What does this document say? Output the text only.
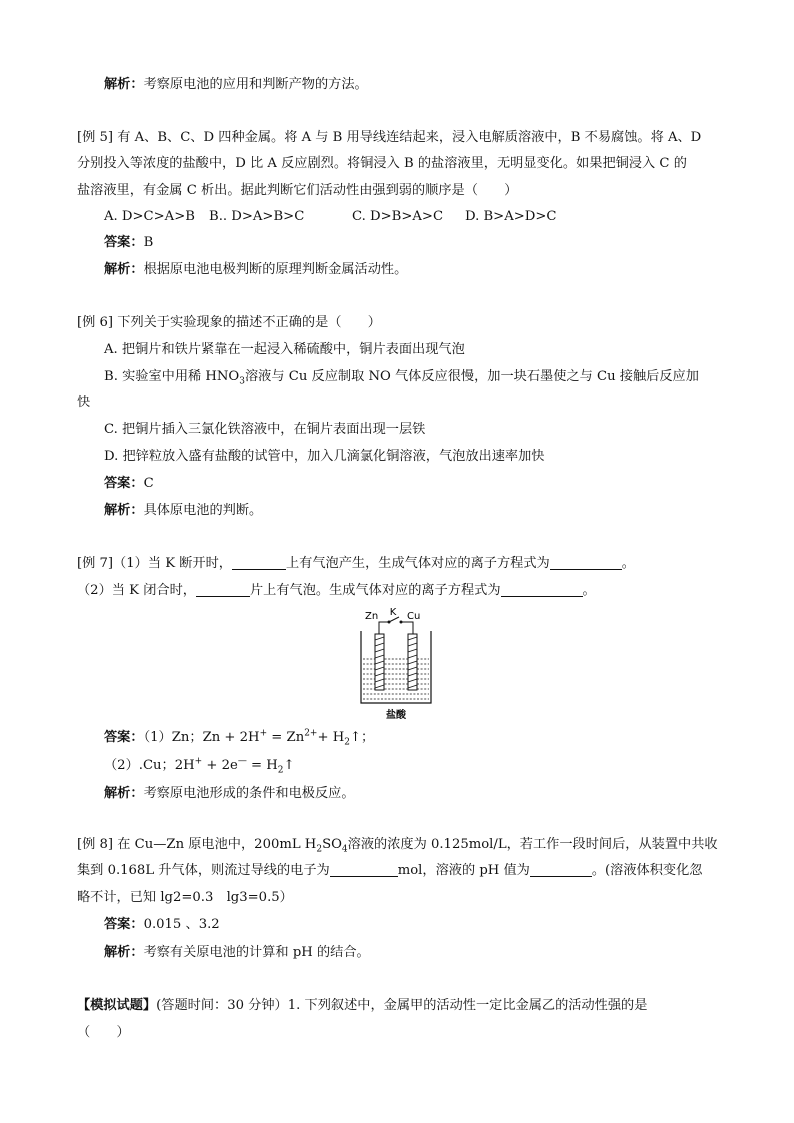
解析：考察原电池的应用和判断产物的方法。
[例 5] 有 A、B、C、D 四种金属。将 A 与 B 用导线连结起来，浸入电解质溶液中，B 不易腐蚀。将 A、D
分别投入等浓度的盐酸中，D 比 A 反应剧烈。将铜浸入 B 的盐溶液里，无明显变化。如果把铜浸入 C 的
盐溶液里，有金属 C 析出。据此判断它们活动性由强到弱的顺序是（　　）
A. D>C>A>B B.. D>A>B>C	C. D>B>A>C D. B>A>D>C
答案：B
解析：根据原电池电极判断的原理判断金属活动性。
[例 6] 下列关于实验现象的描述不正确的是（　　）
A. 把铜片和铁片紧靠在一起浸入稀硫酸中，铜片表面出现气泡
B. 实验室中用稀 $HNO_3$溶液与 Cu 反应制取 NO 气体反应很慢，加一块石墨使之与 Cu 接触后反应加
快
C. 把铜片插入三氯化铁溶液中，在铜片表面出现一层铁
D. 把锌粒放入盛有盐酸的试管中，加入几滴氯化铜溶液，气泡放出速率加快
答案：C
解析：具体原电池的判断。
[例 7]（1）当 K 断开时，	上有气泡产生，生成气体对应的离子方程式为	。
（2）当 K 闭合时，	片上有气泡。生成气体对应的离子方程式为	。
Zn K Cu
盐酸
答案：（1）Zn；$Zn + 2H^+ = Zn^{2+}+$ $H_2↑$；
（2）.Cu；$2H^+ + 2e^— = H_2↑$
解析：考察原电池形成的条件和电极反应。
[例 8] 在 Cu—Zn 原电池中，200mL $H_2SO_4$溶液的浓度为 0.125mol/L，若工作一段时间后，从装置中共收
集到 0.168L 升气体，则流过导线的电子为	mol，溶液的 pH 值为	。(溶液体积变化忽
略不计，已知 lg2=0.3　lg3=0.5）
答案：0.015 、3.2
解析：考察有关原电池的计算和 pH 的结合。
【模拟试题】(答题时间：30 分钟）1. 下列叙述中，金属甲的活动性一定比金属乙的活动性强的是
（　　）
